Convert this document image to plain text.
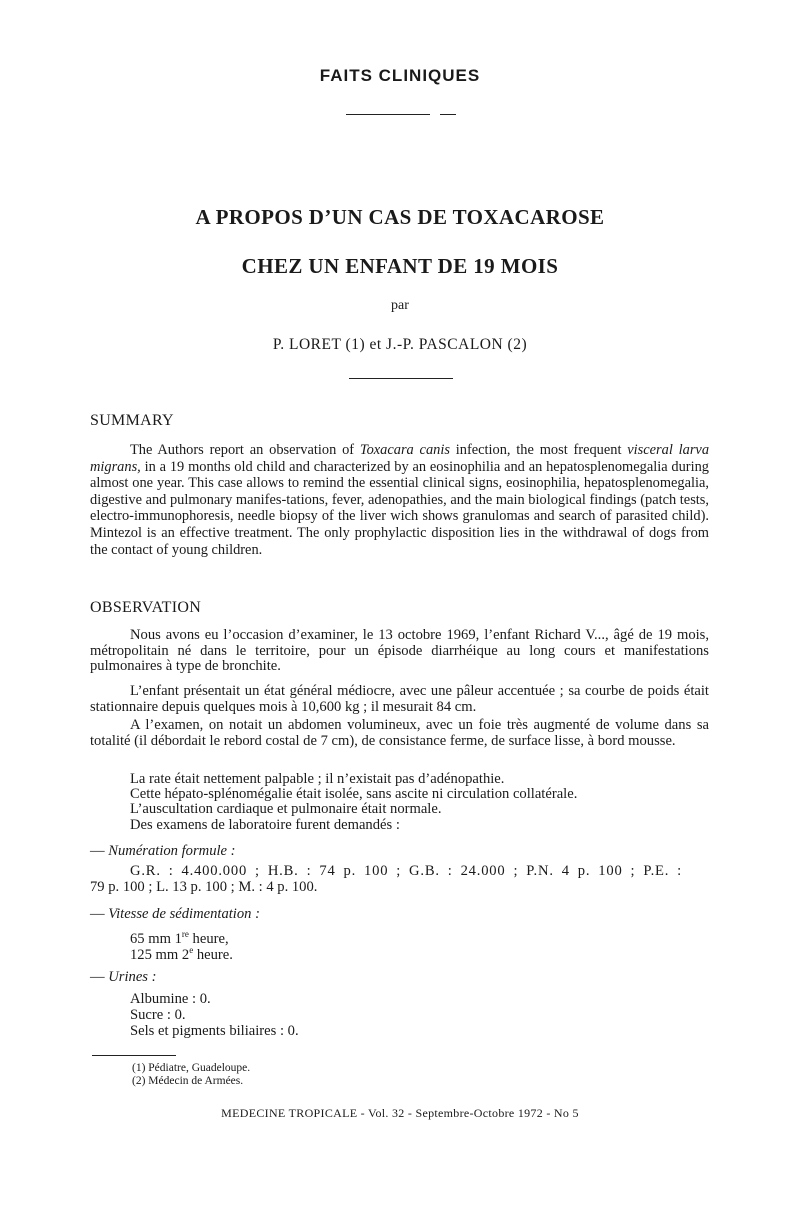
FAITS CLINIQUES
A PROPOS D’UN CAS DE TOXACAROSE
CHEZ UN ENFANT DE 19 MOIS
par
P. LORET (1) et J.-P. PASCALON (2)
SUMMARY

The Authors report an observation of Toxacara canis infection, the most frequent visceral larva migrans, in a 19 months old child and characterized by an eosinophilia and an hepatosplenomegalia during almost one year. This case allows to remind the essential clinical signs, eosinophilia, hepatosplenomegalia, digestive and pulmonary manifes-tations, fever, adenopathies, and the main biological findings (patch tests, electro-immunophoresis, needle biopsy of the liver wich shows granulomas and search of parasited child). Mintezol is an effective treatment. The only prophylactic disposition lies in the withdrawal of dogs from the contact of young children.

OBSERVATION

Nous avons eu l’occasion d’examiner, le 13 octobre 1969, l’enfant Richard V..., âgé de 19 mois, métropolitain né dans le territoire, pour un épisode diarrhéique au long cours et manifestations pulmonaires à type de bronchite.

L’enfant présentait un état général médiocre, avec une pâleur accentuée ; sa courbe de poids était stationnaire depuis quelques mois à 10,600 kg ; il mesurait 84 cm.

A l’examen, on notait un abdomen volumineux, avec un foie très augmenté de volume dans sa totalité (il débordait le rebord costal de 7 cm), de consistance ferme, de surface lisse, à bord mousse.

La rate était nettement palpable ; il n’existait pas d’adénopathie.

Cette hépato-splénomégalie était isolée, sans ascite ni circulation collatérale.

L’auscultation cardiaque et pulmonaire était normale.

Des examens de laboratoire furent demandés :

— Numération formule :

G.R. : 4.400.000 ; H.B. : 74 p. 100 ; G.B. : 24.000 ; P.N. 4 p. 100 ; P.E. :

79 p. 100 ; L. 13 p. 100 ; M. : 4 p. 100.

— Vitesse de sédimentation :

65 mm 1re heure,

125 mm 2e heure.

— Urines :

Albumine : 0.

Sucre : 0.

Sels et pigments biliaires : 0.

(1) Pédiatre, Guadeloupe.
(2) Médecin de Armées.
MEDECINE TROPICALE - Vol. 32 - Septembre-Octobre 1972 - No 5
